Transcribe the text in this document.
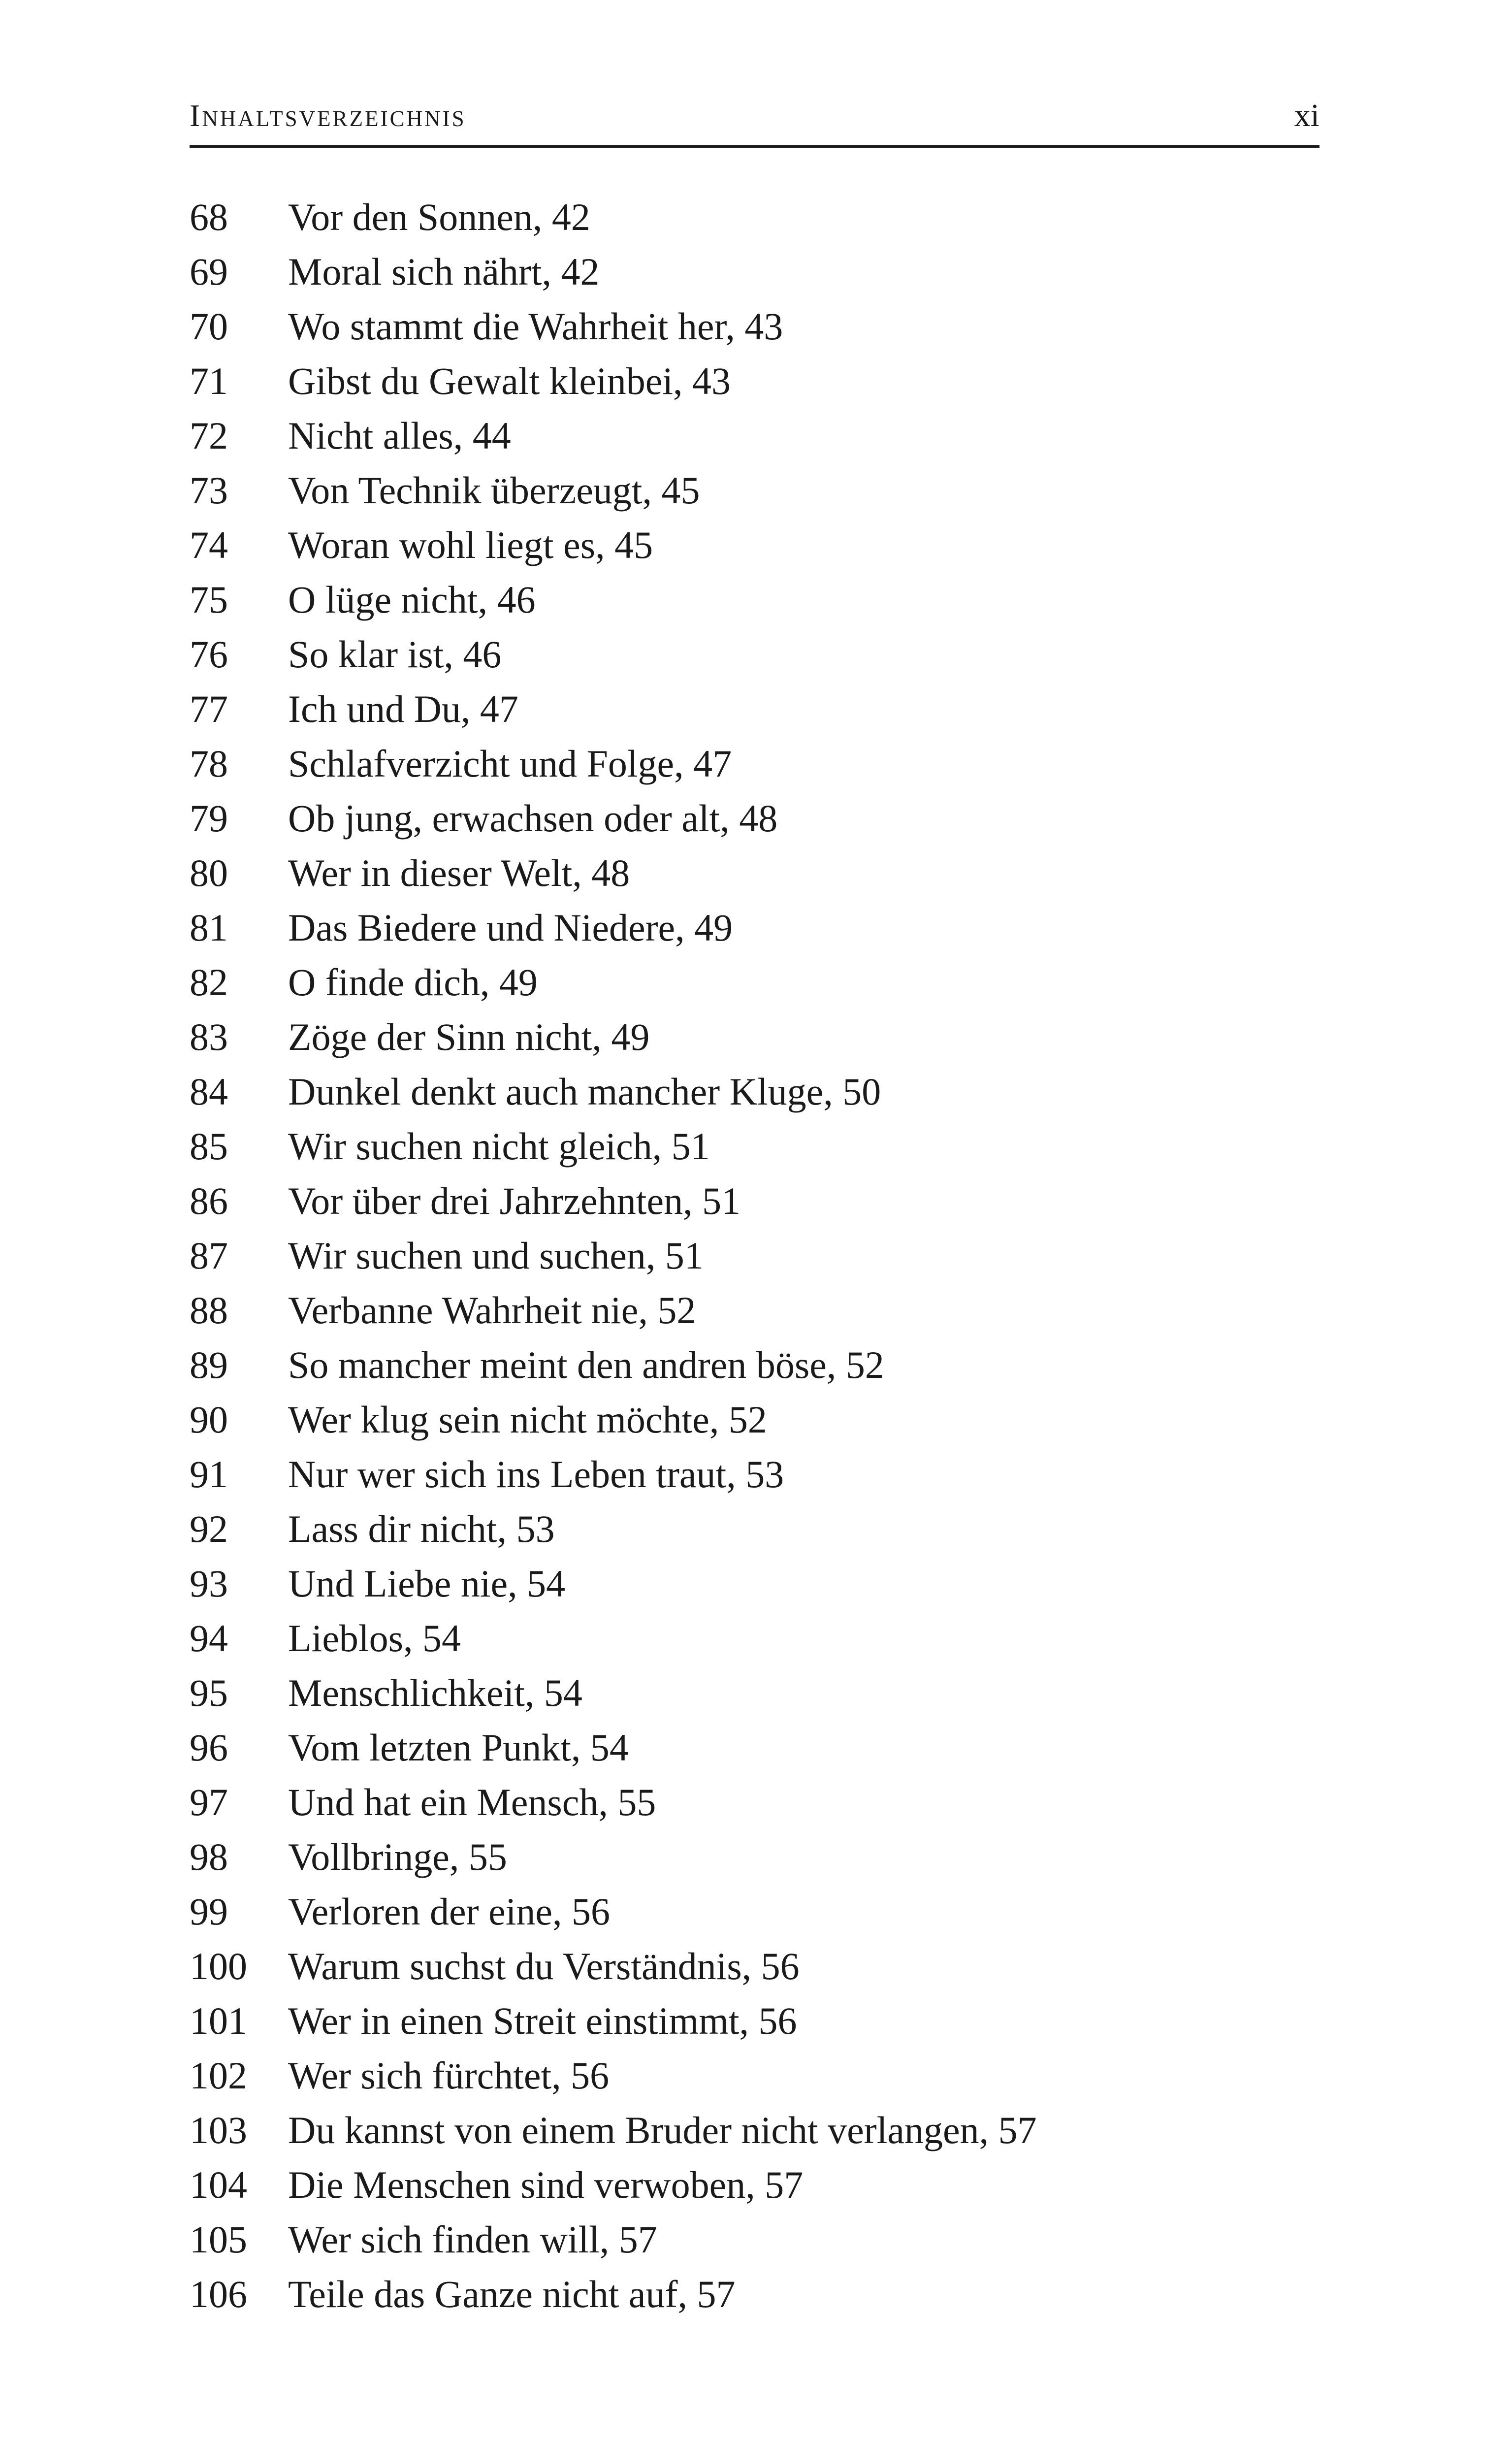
Inhaltsverzeichnis	xi
68	Vor den Sonnen, 42
69	Moral sich nährt, 42
70	Wo stammt die Wahrheit her, 43
71	Gibst du Gewalt kleinbei, 43
72	Nicht alles, 44
73	Von Technik überzeugt, 45
74	Woran wohl liegt es, 45
75	O lüge nicht, 46
76	So klar ist, 46
77	Ich und Du, 47
78	Schlafverzicht und Folge, 47
79	Ob jung, erwachsen oder alt, 48
80	Wer in dieser Welt, 48
81	Das Biedere und Niedere, 49
82	O finde dich, 49
83	Zöge der Sinn nicht, 49
84	Dunkel denkt auch mancher Kluge, 50
85	Wir suchen nicht gleich, 51
86	Vor über drei Jahrzehnten, 51
87	Wir suchen und suchen, 51
88	Verbanne Wahrheit nie, 52
89	So mancher meint den andren böse, 52
90	Wer klug sein nicht möchte, 52
91	Nur wer sich ins Leben traut, 53
92	Lass dir nicht, 53
93	Und Liebe nie, 54
94	Lieblos, 54
95	Menschlichkeit, 54
96	Vom letzten Punkt, 54
97	Und hat ein Mensch, 55
98	Vollbringe, 55
99	Verloren der eine, 56
100	Warum suchst du Verständnis, 56
101	Wer in einen Streit einstimmt, 56
102	Wer sich fürchtet, 56
103	Du kannst von einem Bruder nicht verlangen, 57
104	Die Menschen sind verwoben, 57
105	Wer sich finden will, 57
106	Teile das Ganze nicht auf, 57
